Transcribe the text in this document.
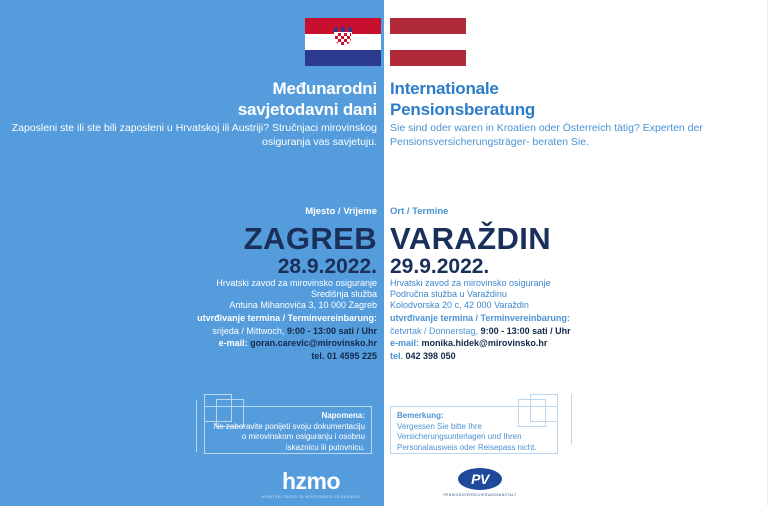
Međunarodni
savjetodavni dani
Internationale
Pensionsberatung
Zaposleni ste ili ste bili zaposleni u Hrvatskoj ili Austriji? Stručnjaci mirovinskog osiguranja vas savjetuju.
Sie sind oder waren in Kroatien oder Österreich tätig? Experten der Pensionsversicherungsträger- beraten Sie.
Mjesto / Vrijeme Ort / Termine
ZAGREB VARAŽDIN
28.9.2022. 29.9.2022.
Hrvatski zavod za mirovinsko osiguranje
Središnja služba
Antuna Mihanovića 3, 10 000 Zagreb
Hrvatski zavod za mirovinsko osiguranje
Područna služba u Varaždinu
Kolodvorska 20 c, 42 000 Varaždin
utvrđivanje termina / Terminvereinbarung:
srijeda / Mittwoch, 9:00 - 13:00 sati / Uhr
e-mail: goran.carevic@mirovinsko.hr
tel. 01 4595 225
utvrđivanje termina / Terminvereinbarung:
četvrtak / Donnerstag, 9:00 - 13:00 sati / Uhr
e-mail: monika.hidek@mirovinsko.hr
tel. 042 398 050
Napomena:
Ne zaboravite ponijeti svoju dokumentaciju o mirovinskom osiguranju i osobnu iskaznicu ili putovnicu.
Bemerkung:
Vergessen Sie bitte Ihre Versicherungsunterlagen und Ihren Personalausweis oder Reisepass nicht.
hzmo
HRVATSKI ZAVOD ZA MIROVINSKO OSIGURANJE
PV
PENSIONSVERSICHERUNGSANSTALT
